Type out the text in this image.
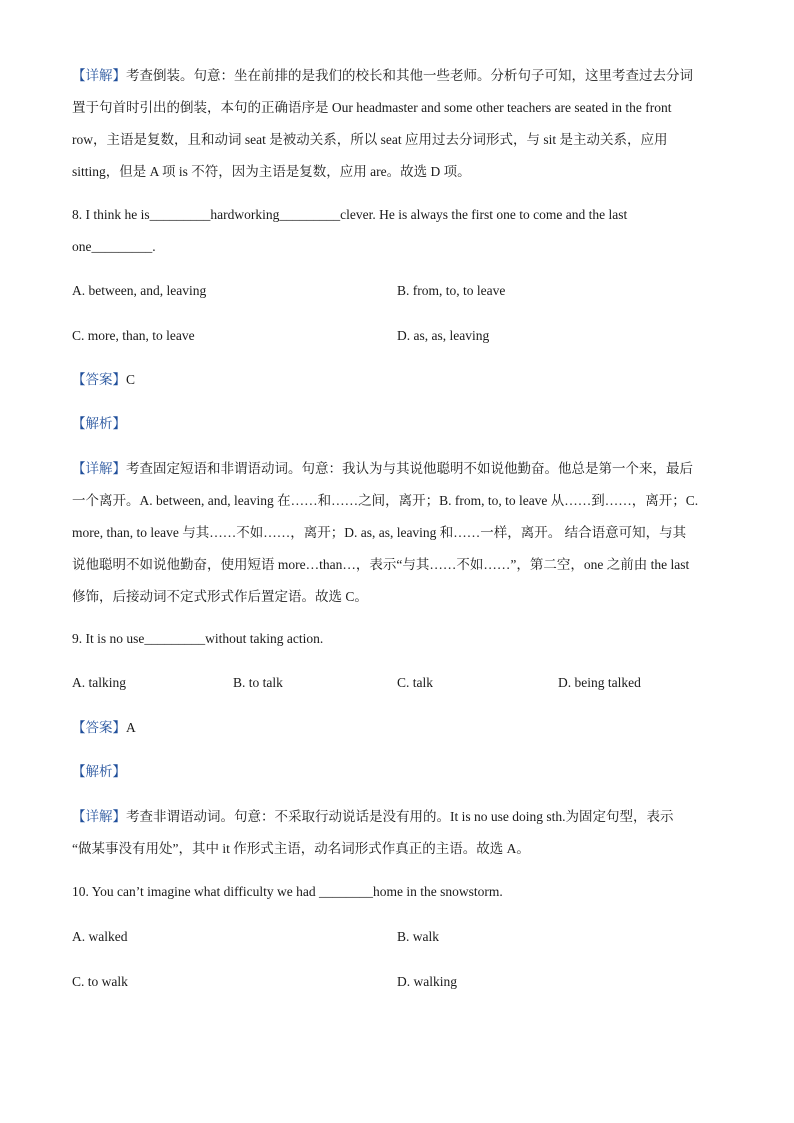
【详解】考查倒装。句意：坐在前排的是我们的校长和其他一些老师。分析句子可知，这里考查过去分词
置于句首时引出的倒装，本句的正确语序是 Our headmaster and some other teachers are seated in the front
row，主语是复数，且和动词 seat 是被动关系，所以 seat 应用过去分词形式，与 sit 是主动关系，应用
sitting，但是 A 项 is 不符，因为主语是复数，应用 are。故选 D 项。
8. I think he is_________hardworking_________clever. He is always the first one to come and the last
one_________.
A. between, and, leaving	B. from, to, to leave
C. more, than, to leave	D. as, as, leaving
【答案】C
【解析】
【详解】考查固定短语和非谓语动词。句意：我认为与其说他聪明不如说他勤奋。他总是第一个来，最后
一个离开。A. between, and, leaving 在……和……之间，离开；B. from, to, to leave 从……到……，离开；C.
more, than, to leave 与其……不如……，离开；D. as, as, leaving 和……一样，离开。 结合语意可知，与其
说他聪明不如说他勤奋，使用短语 more…than…，表示“与其……不如……”，第二空，one 之前由 the last
修饰，后接动词不定式形式作后置定语。故选 C。
9. It is no use_________without taking action.
A. talking	B. to talk	C. talk	D. being talked
【答案】A
【解析】
【详解】考查非谓语动词。句意：不采取行动说话是没有用的。It is no use doing sth.为固定句型，表示
“做某事没有用处”，其中 it 作形式主语，动名词形式作真正的主语。故选 A。
10. You can’t imagine what difficulty we had ________home in the snowstorm.
A. walked	B. walk
C. to walk	D. walking
